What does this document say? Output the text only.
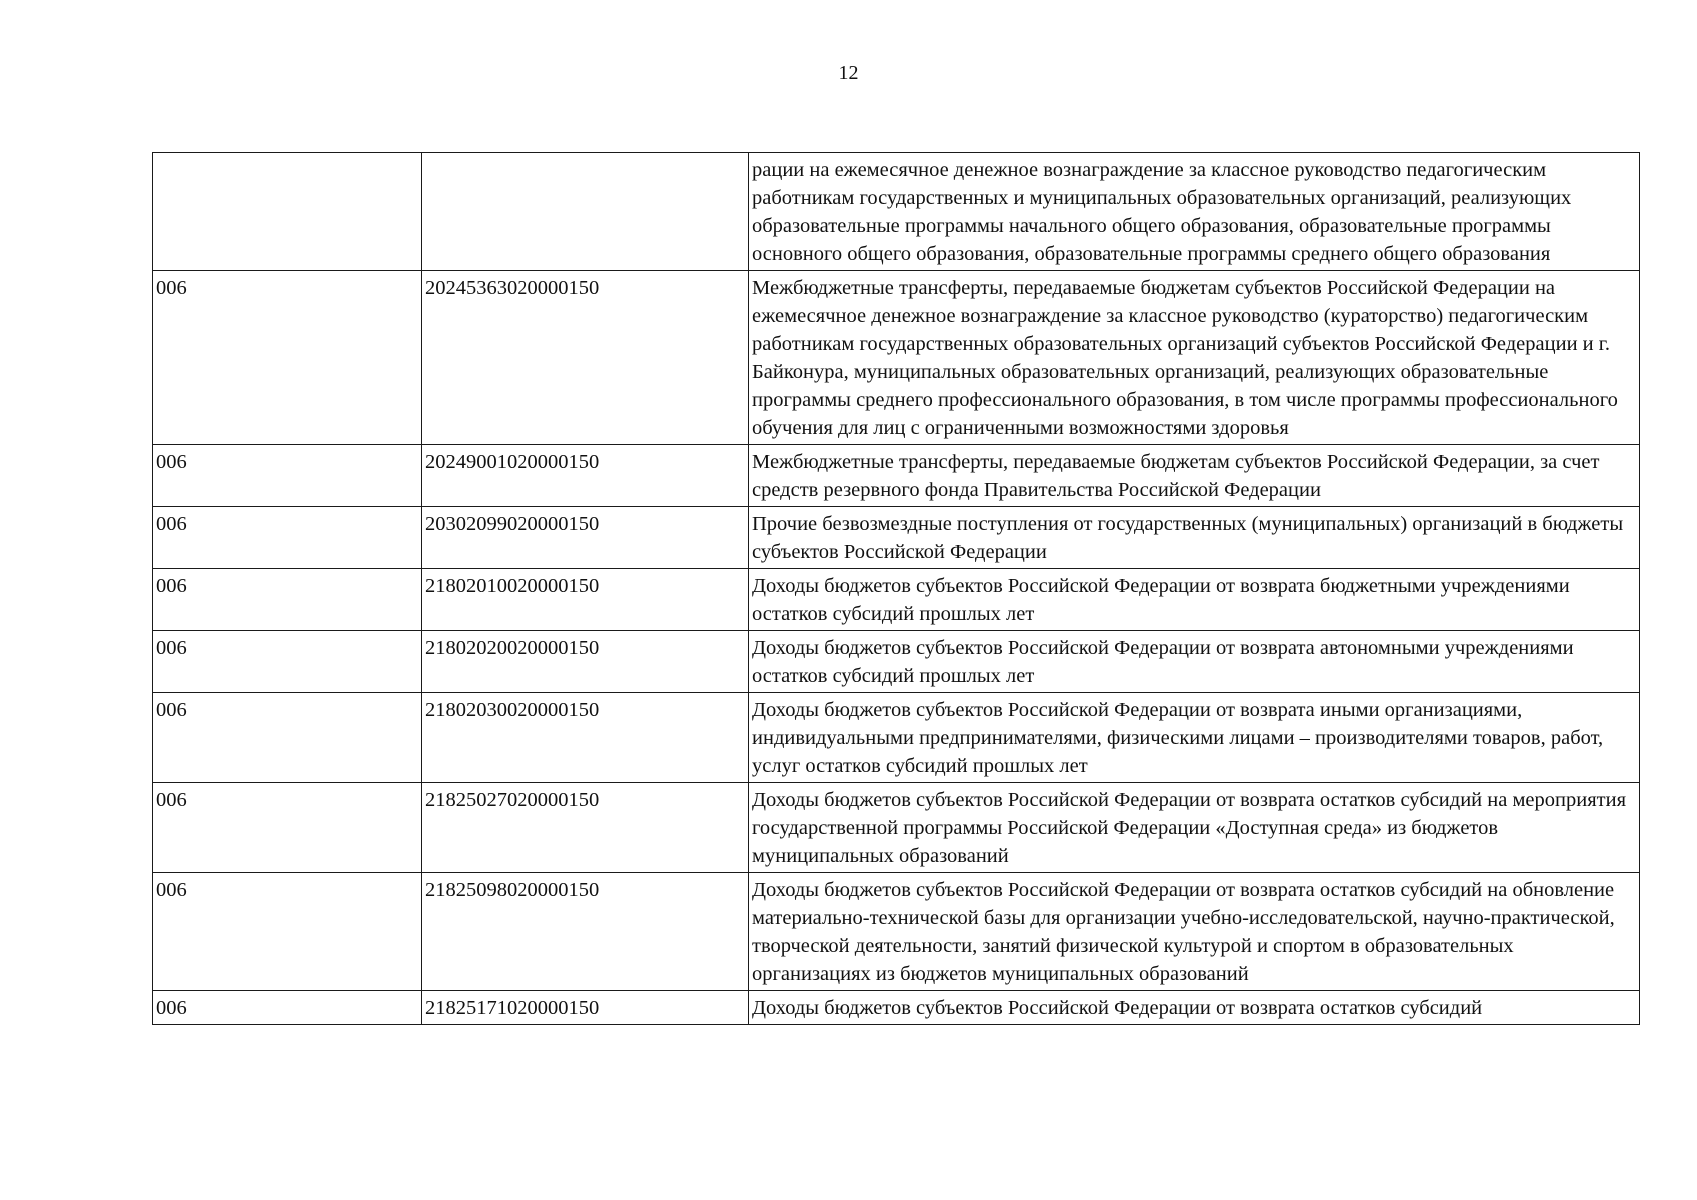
12
		рации на ежемесячное денежное вознаграждение за классное руководство педагогическим работникам государственных и муниципальных образовательных организаций, реализующих образовательные программы начального общего образования, образовательные программы основного общего образования, образовательные программы среднего общего образования
006	20245363020000150	Межбюджетные трансферты, передаваемые бюджетам субъектов Российской Федерации на ежемесячное денежное вознаграждение за классное руководство (кураторство) педагогическим работникам государственных образовательных организаций субъектов Российской Федерации и г. Байконура, муниципальных образовательных организаций, реализующих образовательные программы среднего профессионального образования, в том числе программы профессионального обучения для лиц с ограниченными возможностями здоровья
006	20249001020000150	Межбюджетные трансферты, передаваемые бюджетам субъектов Российской Федерации, за счет средств резервного фонда Правительства Российской Федерации
006	20302099020000150	Прочие безвозмездные поступления от государственных (муниципальных) организаций в бюджеты субъектов Российской Федерации
006	21802010020000150	Доходы бюджетов субъектов Российской Федерации от возврата бюджетными учреждениями остатков субсидий прошлых лет
006	21802020020000150	Доходы бюджетов субъектов Российской Федерации от возврата автономными учреждениями остатков субсидий прошлых лет
006	21802030020000150	Доходы бюджетов субъектов Российской Федерации от возврата иными организациями, индивидуальными предпринимателями, физическими лицами – производителями товаров, работ, услуг остатков субсидий прошлых лет
006	21825027020000150	Доходы бюджетов субъектов Российской Федерации от возврата остатков субсидий на мероприятия государственной программы Российской Федерации «Доступная среда» из бюджетов муниципальных образований
006	21825098020000150	Доходы бюджетов субъектов Российской Федерации от возврата остатков субсидий на обновление материально-технической базы для организации учебно-исследовательской, научно-практической, творческой деятельности, занятий физической культурой и спортом в образовательных организациях из бюджетов муниципальных образований
006	21825171020000150	Доходы бюджетов субъектов Российской Федерации от возврата остатков субсидий
